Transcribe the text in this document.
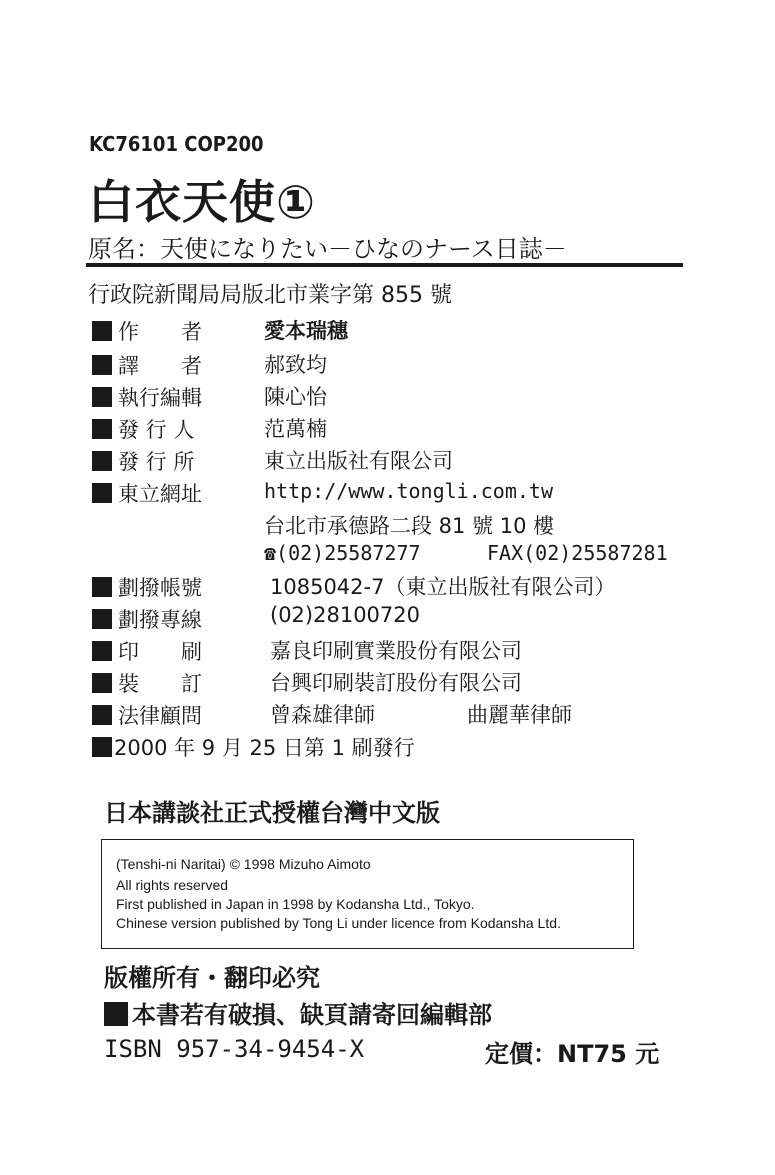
KC76101 COP200
白衣天使①
原名：天使になりたい－ひなのナース日誌－
行政院新聞局局版北市業字第 855 號
作　　者	愛本瑞穗
譯　　者	郝致均
執行編輯	陳心怡
發 行 人	范萬楠
發 行 所	東立出版社有限公司
東立網址	http://www.tongli.com.tw
台北市承德路二段 81 號 10 樓
☎(02)25587277	FAX(02)25587281
劃撥帳號	1085042-7（東立出版社有限公司）
劃撥專線	(02)28100720
印　　刷	嘉良印刷實業股份有限公司
裝　　訂	台興印刷裝訂股份有限公司
法律顧問	曾森雄律師	曲麗華律師
2000 年 9 月 25 日第 1 刷發行
日本講談社正式授權台灣中文版
(Tenshi-ni Naritai) © 1998 Mizuho Aimoto
All rights reserved
First published in Japan in 1998 by Kodansha Ltd., Tokyo.
Chinese version published by Tong Li under licence from Kodansha Ltd.
版權所有・翻印必究
本書若有破損、缺頁請寄回編輯部
ISBN 957-34-9454-X	定價：NT75 元
